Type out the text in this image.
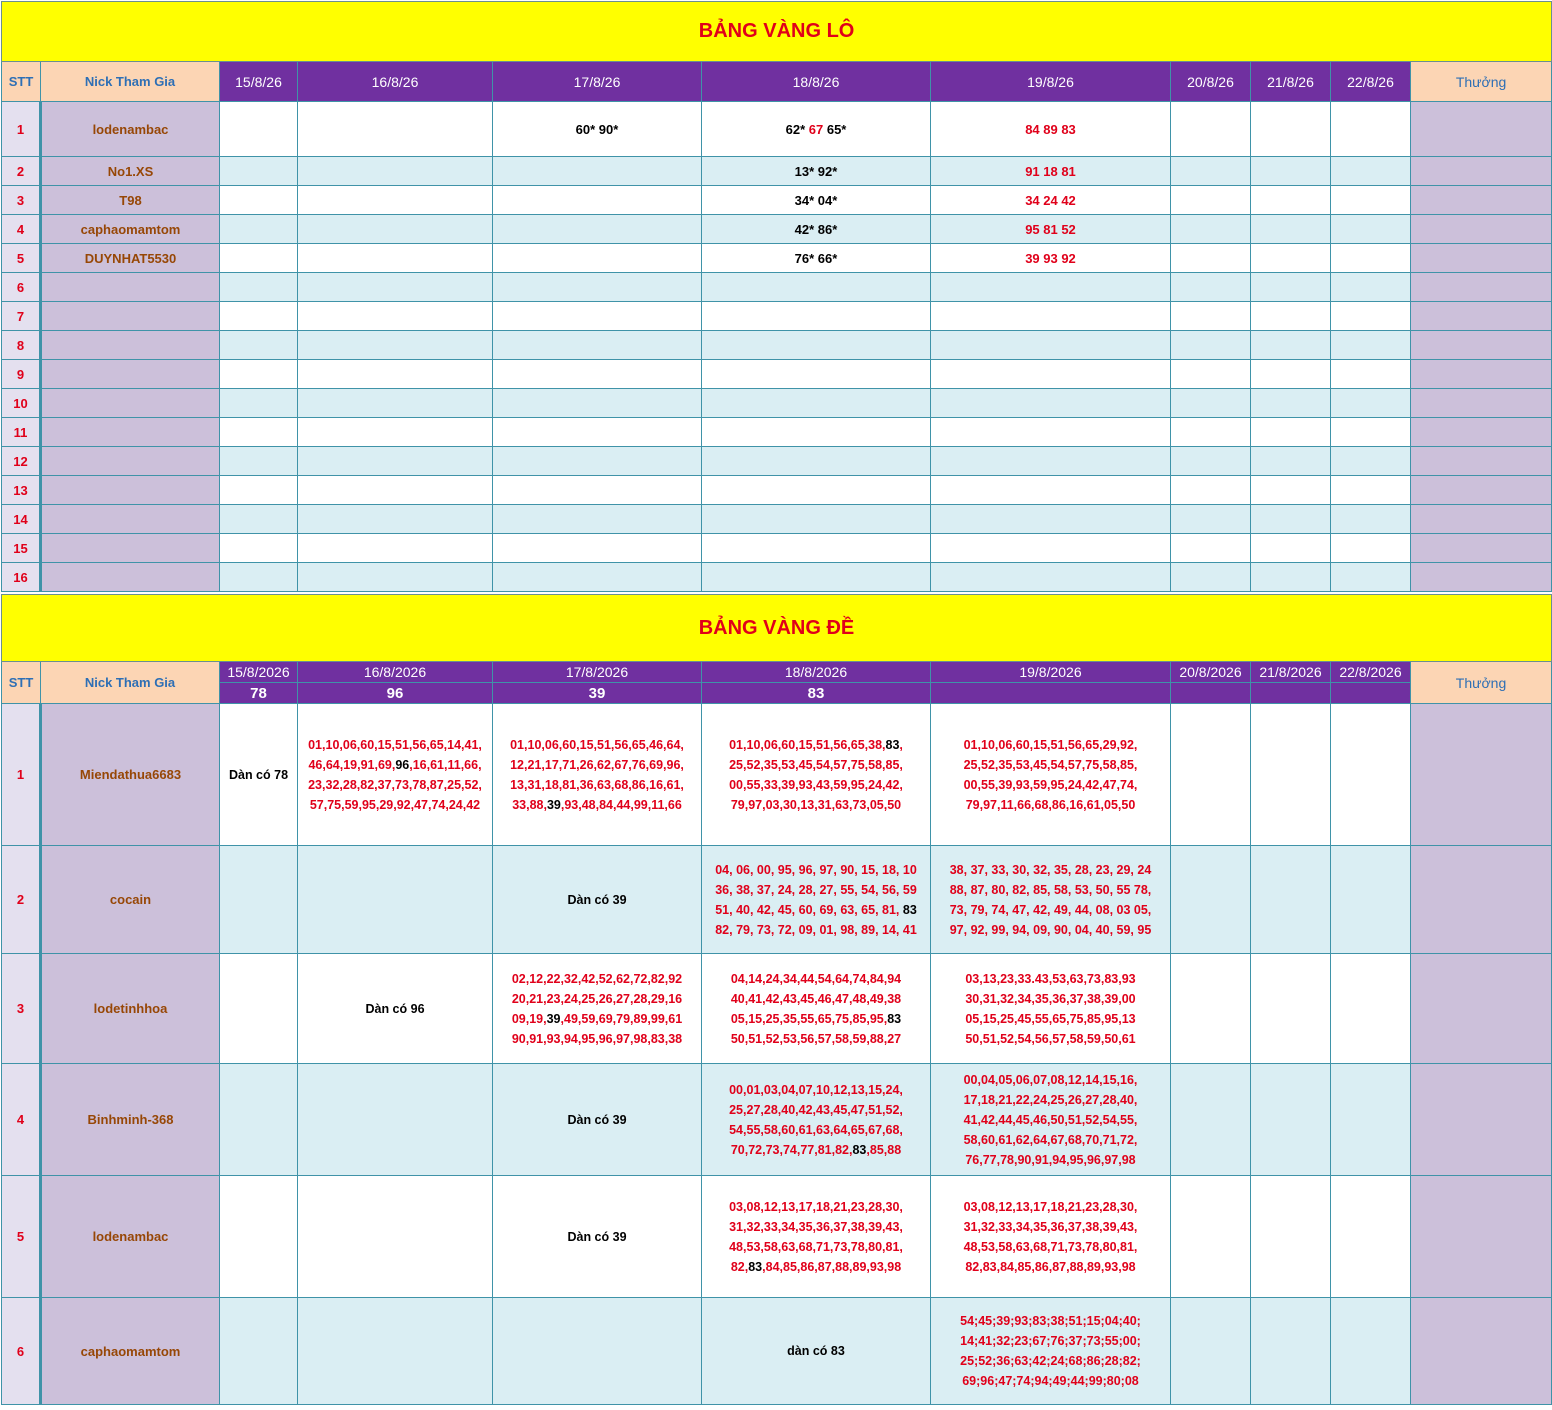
BẢNG VÀNG LÔ										
STT	Nick Tham Gia	15/8/26	16/8/26	17/8/26	18/8/26	19/8/26	20/8/26	21/8/26	22/8/26	Thưởng
1	lodenambac			60* 90*	62* 67 65*	84 89 83				
2	No1.XS				13* 92*	91 18 81				
3	T98				34* 04*	34 24 42				
4	caphaomamtom				42* 86*	95 81 52				
5	DUYNHAT5530				76* 66*	39 93 92				
6										
7										
8										
9										
10										
11										
12										
13										
14										
15										
16										
BẢNG VÀNG ĐỀ										
STT	Nick Tham Gia	15/8/2026	16/8/2026	17/8/2026	18/8/2026	19/8/2026	20/8/2026	21/8/2026	22/8/2026	Thưởng
		78	96	39	83					
1	Miendathua6683	Dàn có 78	01,10,06,60,15,51,56,65,14,41,
46,64,19,91,69,96,16,61,11,66,
23,32,28,82,37,73,78,87,25,52,
57,75,59,95,29,92,47,74,24,42	01,10,06,60,15,51,56,65,46,64,
12,21,17,71,26,62,67,76,69,96,
13,31,18,81,36,63,68,86,16,61,
33,88,39,93,48,84,44,99,11,66	01,10,06,60,15,51,56,65,38,83,
25,52,35,53,45,54,57,75,58,85,
00,55,33,39,93,43,59,95,24,42,
79,97,03,30,13,31,63,73,05,50	01,10,06,60,15,51,56,65,29,92,
25,52,35,53,45,54,57,75,58,85,
00,55,39,93,59,95,24,42,47,74,
79,97,11,66,68,86,16,61,05,50				
2	cocain			Dàn có 39	04, 06, 00, 95, 96, 97, 90, 15, 18, 10
36, 38, 37, 24, 28, 27, 55, 54, 56, 59
51, 40, 42, 45, 60, 69, 63, 65, 81, 83
82, 79, 73, 72, 09, 01, 98, 89, 14, 41	38, 37, 33, 30, 32, 35, 28, 23, 29, 24
88, 87, 80, 82, 85, 58, 53, 50, 55 78,
73, 79, 74, 47, 42, 49, 44, 08, 03 05,
97, 92, 99, 94, 09, 90, 04, 40, 59, 95				
3	lodetinhhoa		Dàn có 96	02,12,22,32,42,52,62,72,82,92
20,21,23,24,25,26,27,28,29,16
09,19,39,49,59,69,79,89,99,61
90,91,93,94,95,96,97,98,83,38	04,14,24,34,44,54,64,74,84,94
40,41,42,43,45,46,47,48,49,38
05,15,25,35,55,65,75,85,95,83
50,51,52,53,56,57,58,59,88,27	03,13,23,33.43,53,63,73,83,93
30,31,32,34,35,36,37,38,39,00
05,15,25,45,55,65,75,85,95,13
50,51,52,54,56,57,58,59,50,61				
4	Binhminh-368			Dàn có 39	00,01,03,04,07,10,12,13,15,24,
25,27,28,40,42,43,45,47,51,52,
54,55,58,60,61,63,64,65,67,68,
70,72,73,74,77,81,82,83,85,88	00,04,05,06,07,08,12,14,15,16,
17,18,21,22,24,25,26,27,28,40,
41,42,44,45,46,50,51,52,54,55,
58,60,61,62,64,67,68,70,71,72,
76,77,78,90,91,94,95,96,97,98				
5	lodenambac			Dàn có 39	03,08,12,13,17,18,21,23,28,30,
31,32,33,34,35,36,37,38,39,43,
48,53,58,63,68,71,73,78,80,81,
82,83,84,85,86,87,88,89,93,98	03,08,12,13,17,18,21,23,28,30,
31,32,33,34,35,36,37,38,39,43,
48,53,58,63,68,71,73,78,80,81,
82,83,84,85,86,87,88,89,93,98				
6	caphaomamtom				dàn có 83	54;45;39;93;83;38;51;15;04;40;
14;41;32;23;67;76;37;73;55;00;
25;52;36;63;42;24;68;86;28;82;
69;96;47;74;94;49;44;99;80;08				
